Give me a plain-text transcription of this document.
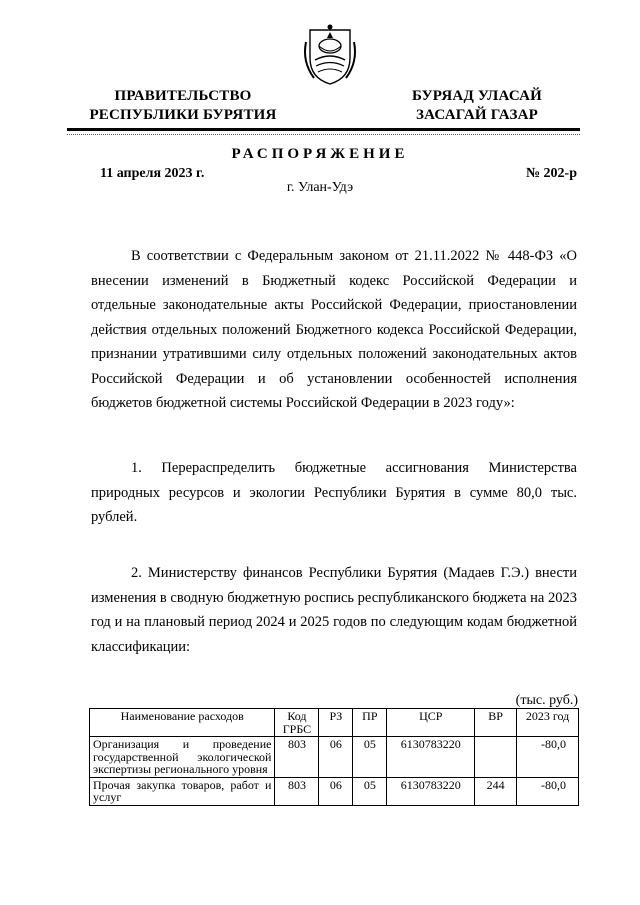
ПРАВИТЕЛЬСТВО
РЕСПУБЛИКИ БУРЯТИЯ
БУРЯАД УЛАСАЙ
ЗАСАГАЙ ГАЗАР
РАСПОРЯЖЕНИЕ
11 апреля 2023 г.	№ 202-р
г. Улан-Удэ
В соответствии с Федеральным законом от 21.11.2022 № 448-ФЗ «О внесении изменений в Бюджетный кодекс Российской Федерации и отдельные законодательные акты Российской Федерации, приостановлении действия отдельных положений Бюджетного кодекса Российской Федерации, признании утратившими силу отдельных положений законодательных актов Российской Федерации и об установлении особенностей исполнения бюджетов бюджетной системы Российской Федерации в 2023 году»:
1. Перераспределить бюджетные ассигнования Министерства природных ресурсов и экологии Республики Бурятия в сумме 80,0 тыс. рублей.
2. Министерству финансов Республики Бурятия (Мадаев Г.Э.) внести изменения в сводную бюджетную роспись республиканского бюджета на 2023 год и на плановый период 2024 и 2025 годов по следующим кодам бюджетной классификации:
(тыс. руб.)
Наименование расходов	Код ГРБС	РЗ	ПР	ЦСР	ВР	2023 год
Организация и проведение государственной экологической экспертизы регионального уровня	803	06	05	6130783220		-80,0
Прочая закупка товаров, работ и услуг	803	06	05	6130783220	244	-80,0
